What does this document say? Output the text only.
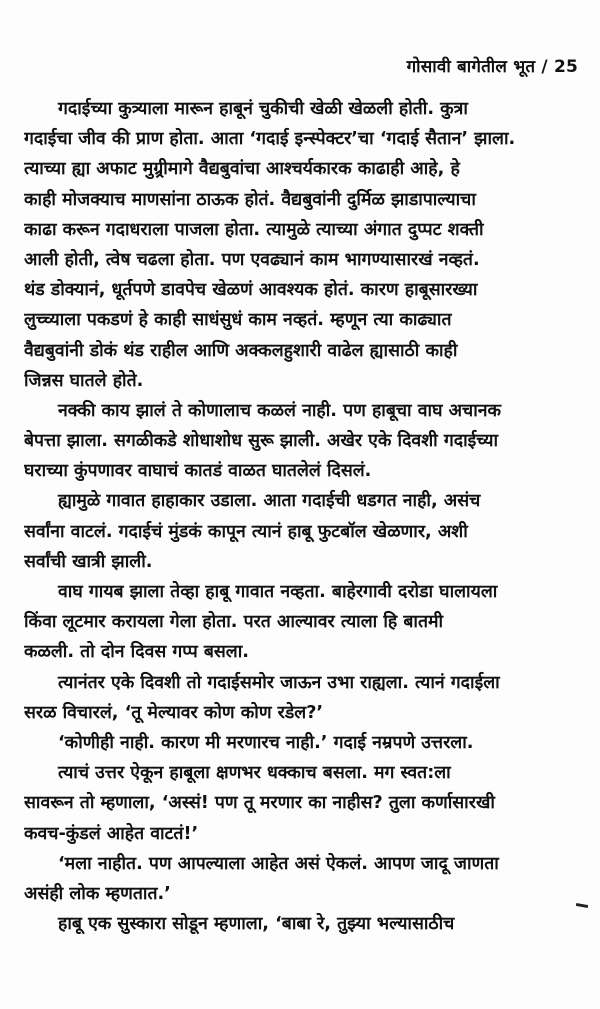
गोसावी बागेतील भूत / 25
गदाईच्या कुत्र्याला मारून हाबूनं चुकीची खेळी खेळली होती. कुत्रा
गदाईचा जीव की प्राण होता. आता ‘गदाई इन्स्पेक्टर’चा ‘गदाई सैतान’ झाला.
त्याच्या ह्या अफाट मुग्र्रीमागे वैद्यबुवांचा आश्चर्यकारक काढाही आहे, हे
काही मोजक्याच माणसांना ठाऊक होतं. वैद्यबुवांनी दुर्मिळ झाडापाल्याचा
काढा करून गदाधराला पाजला होता. त्यामुळे त्याच्या अंगात दुप्पट शक्ती
आली होती, त्वेष चढला होता. पण एवढ्यानं काम भागण्यासारखं नव्हतं.
थंड डोक्यानं, धूर्तपणे डावपेच खेळणं आवश्यक होतं. कारण हाबूसारख्या
लुच्च्याला पकडणं हे काही साधंसुधं काम नव्हतं. म्हणून त्या काढ्यात
वैद्यबुवांनी डोकं थंड राहील आणि अक्कलहुशारी वाढेल ह्यासाठी काही
जिन्नस घातले होते.
नक्की काय झालं ते कोणालाच कळलं नाही. पण हाबूचा वाघ अचानक
बेपत्ता झाला. सगळीकडे शोधाशोध सुरू झाली. अखेर एके दिवशी गदाईच्या
घराच्या कुंपणावर वाघाचं कातडं वाळत घातलेलं दिसलं.
ह्यामुळे गावात हाहाकार उडाला. आता गदाईची धडगत नाही, असंच
सर्वांना वाटलं. गदाईचं मुंडकं कापून त्यानं हाबू फुटबॉल खेळणार, अशी
सर्वांची खात्री झाली.
वाघ गायब झाला तेव्हा हाबू गावात नव्हता. बाहेरगावी दरोडा घालायला
किंवा लूटमार करायला गेला होता. परत आल्यावर त्याला हि बातमी
कळली. तो दोन दिवस गप्प बसला.
त्यानंतर एके दिवशी तो गदाईसमोर जाऊन उभा राह्यला. त्यानं गदाईला
सरळ विचारलं, ‘तू मेल्यावर कोण कोण रडेल?’
‘कोणीही नाही. कारण मी मरणारच नाही.’ गदाई नम्रपणे उत्तरला.
त्याचं उत्तर ऐकून हाबूला क्षणभर धक्काच बसला. मग स्वत:ला
सावरून तो म्हणाला, ‘अस्सं! पण तू मरणार का नाहीस? तुला कर्णासारखी
कवच-कुंडलं आहेत वाटतं!’
‘मला नाहीत. पण आपल्याला आहेत असं ऐकलं. आपण जादू जाणता
असंही लोक म्हणतात.’
हाबू एक सुस्कारा सोडून म्हणाला, ‘बाबा रे, तुझ्या भल्यासाठीच
